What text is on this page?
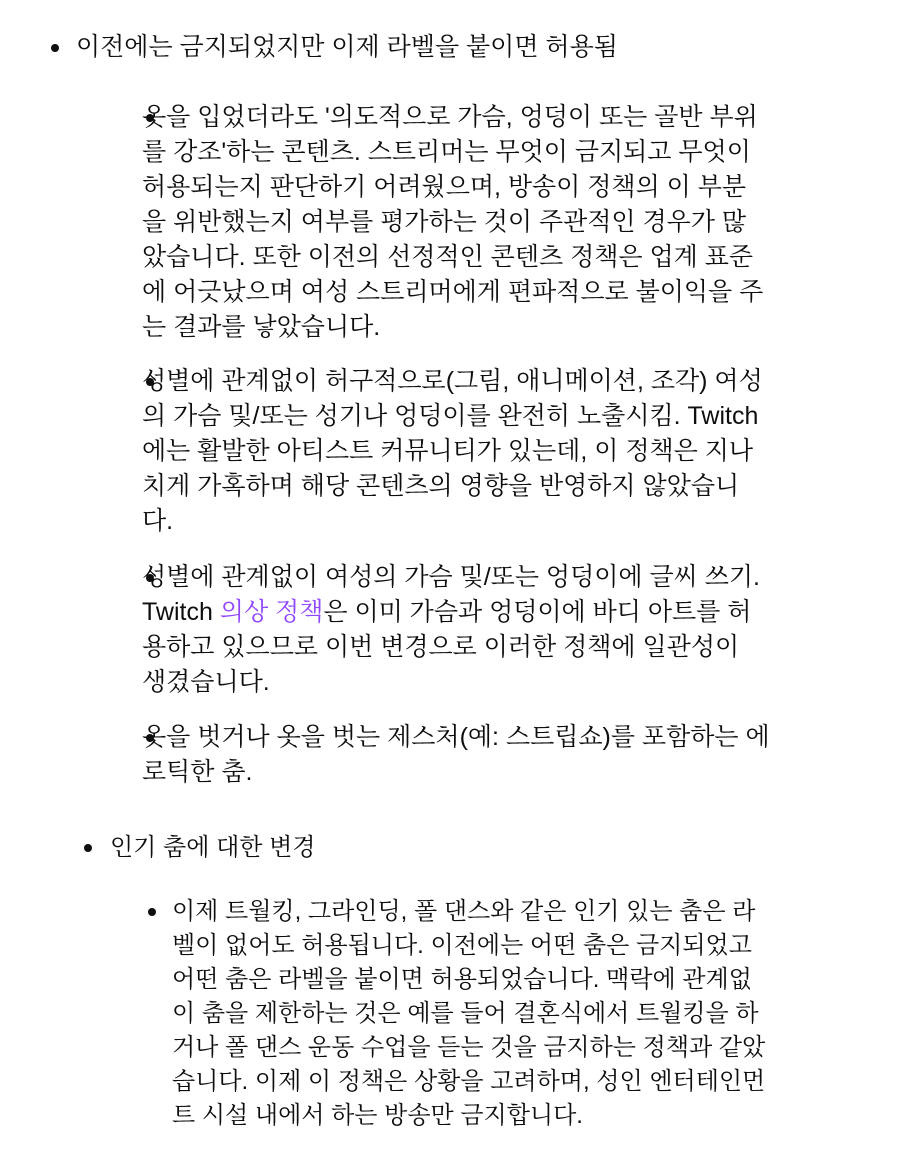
이전에는 금지되었지만 이제 라벨을 붙이면 허용됨
옷을 입었더라도 '의도적으로 가슴, 엉덩이 또는 골반 부위
를 강조'하는 콘텐츠. 스트리머는 무엇이 금지되고 무엇이
허용되는지 판단하기 어려웠으며, 방송이 정책의 이 부분
을 위반했는지 여부를 평가하는 것이 주관적인 경우가 많
았습니다. 또한 이전의 선정적인 콘텐츠 정책은 업계 표준
에 어긋났으며 여성 스트리머에게 편파적으로 불이익을 주
는 결과를 낳았습니다.
성별에 관계없이 허구적으로(그림, 애니메이션, 조각) 여성
의 가슴 및/또는 성기나 엉덩이를 완전히 노출시킴. Twitch
에는 활발한 아티스트 커뮤니티가 있는데, 이 정책은 지나
치게 가혹하며 해당 콘텐츠의 영향을 반영하지 않았습니
다.
성별에 관계없이 여성의 가슴 및/또는 엉덩이에 글씨 쓰기.
Twitch 의상 정책은 이미 가슴과 엉덩이에 바디 아트를 허
용하고 있으므로 이번 변경으로 이러한 정책에 일관성이
생겼습니다.
옷을 벗거나 옷을 벗는 제스처(예: 스트립쇼)를 포함하는 에
로틱한 춤.
인기 춤에 대한 변경
이제 트월킹, 그라인딩, 폴 댄스와 같은 인기 있는 춤은 라
벨이 없어도 허용됩니다. 이전에는 어떤 춤은 금지되었고
어떤 춤은 라벨을 붙이면 허용되었습니다. 맥락에 관계없
이 춤을 제한하는 것은 예를 들어 결혼식에서 트월킹을 하
거나 폴 댄스 운동 수업을 듣는 것을 금지하는 정책과 같았
습니다. 이제 이 정책은 상황을 고려하며, 성인 엔터테인먼
트 시설 내에서 하는 방송만 금지합니다.
